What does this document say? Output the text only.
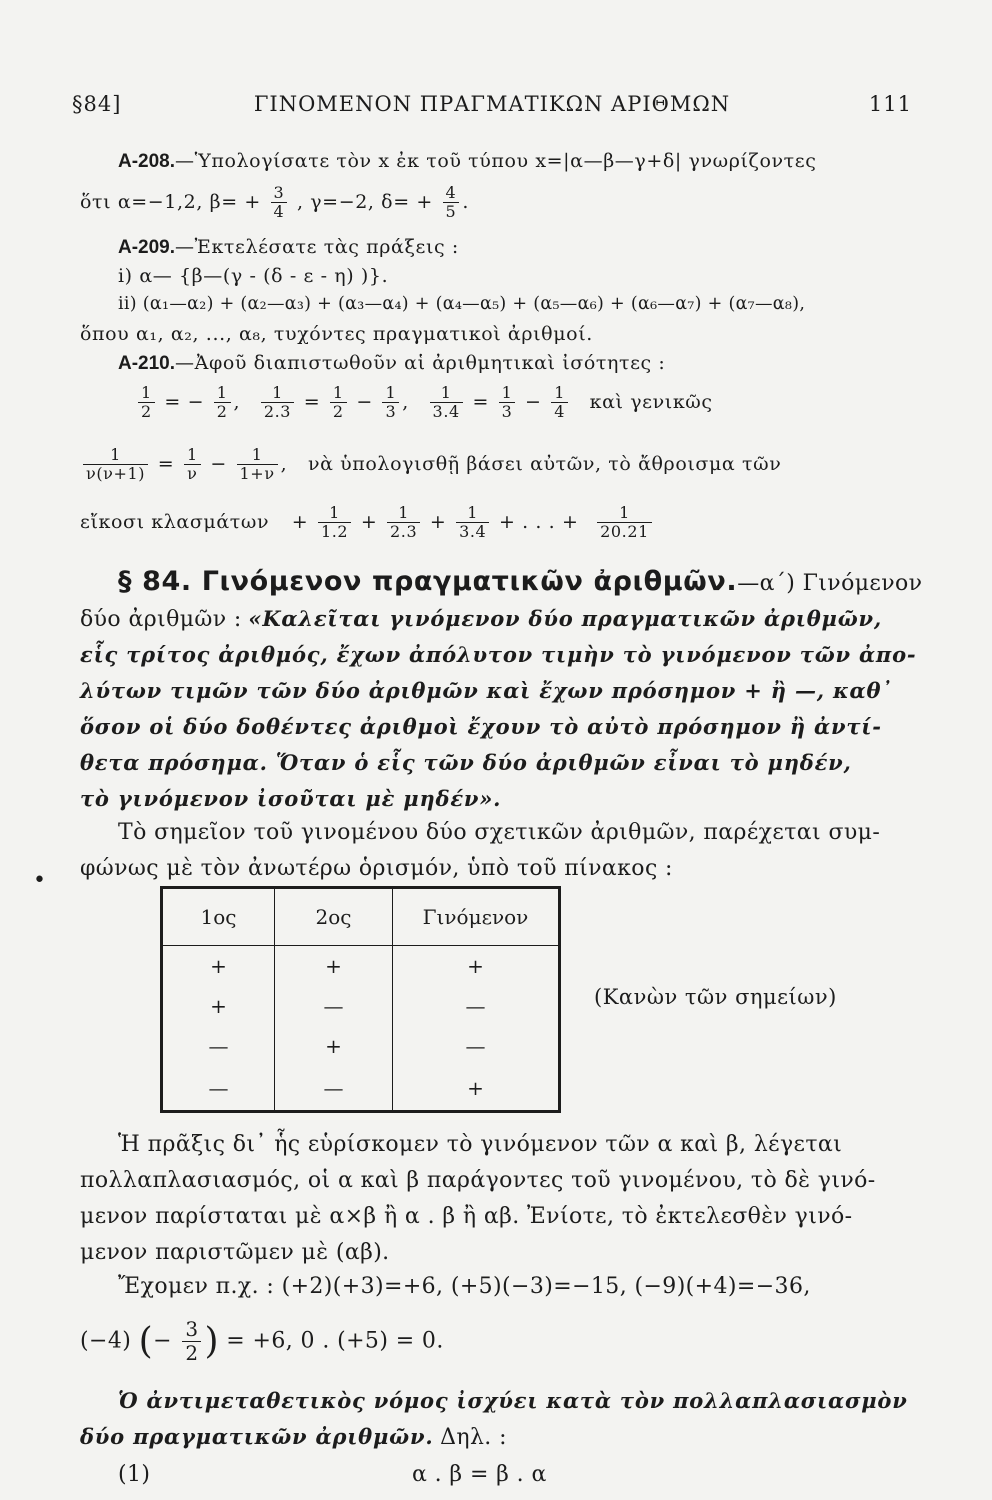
§84]	ΓΙΝΟΜΕΝΟΝ ΠΡΑΓΜΑΤΙΚΩΝ ΑΡΙΘΜΩΝ	111
A-208.—Ὑπολογίσατε τὸν x ἐκ τοῦ τύπου x=|α—β—γ+δ| γνωρίζοντες
ὅτι α=−1,2, $\beta= + \frac{3}{4}$ , γ=−2, $\delta= + \frac{4}{5}$ .
A-209.—Ἐκτελέσατε τὰς πράξεις :
i) α— {β—(γ - (δ - ε - η) )}.
ii) (α₁—α₂) + (α₂—α₃) + (α₃—α₄) + (α₄—α₅) + (α₅—α₆) + (α₆—α₇) + (α₇—α₈),
ὅπου α₁, α₂, ..., α₈, τυχόντες πραγματικοὶ ἀριθμοί.
A-210.—Ἀφοῦ διαπιστωθοῦν αἱ ἀριθμητικαὶ ἰσότητες :
$\frac{1}{2}$ = − $\frac{1}{2}$ , $\frac{1}{2.3} = \frac{1}{2} - \frac{1}{3}$ , $\frac{1}{3.4} = \frac{1}{3} - \frac{1}{4}$ καὶ γενικῶς
$\frac{1}{\nu(\nu+1)} = \frac{1}{\nu} - \frac{1}{1+\nu}$ , νὰ ὑπολογισθῇ βάσει αὐτῶν, τὸ ἄθροισμα τῶν
εἴκοσι $\kappa\lambda\alpha\sigma\mu ά\tau\omega\nu + \frac{1}{1.2} + \frac{1}{2.3} + \frac{1}{3.4}$ + . . . + $\frac{1}{20.21}$
§ 84. Γινόμενον πραγματικῶν ἀριθμῶν.—α΄) Γινόμενον
δύο ἀριθμῶν : «Καλεῖται γινόμενον δύο πραγματικῶν ἀριθμῶν,
εἷς τρίτος ἀριθμός, ἔχων ἀπόλυτον τιμὴν τὸ γινόμενον τῶν ἀπο-
λύτων τιμῶν τῶν δύο ἀριθμῶν καὶ ἔχων πρόσημον + ἢ —, καθ᾽
ὅσον οἱ δύο δοθέντες ἀριθμοὶ ἔχουν τὸ αὐτὸ πρόσημον ἢ ἀντί-
θετα πρόσημα. Ὅταν ὁ εἷς τῶν δύο ἀριθμῶν εἶναι τὸ μηδέν,
τὸ γινόμενον ἰσοῦται μὲ μηδέν».
Τὸ σημεῖον τοῦ γινομένου δύο σχετικῶν ἀριθμῶν, παρέχεται συμ-
φώνως μὲ τὸν ἀνωτέρω ὁρισμόν, ὑπὸ τοῦ πίνακος :
•
1ος	2ος	Γινόμενον
+	+	+
+	—	—
—	+	—
—	—	+
(Κανὼν τῶν σημείων)
Ἡ πρᾶξις δι᾽ ἧς εὑρίσκομεν τὸ γινόμενον τῶν α καὶ β, λέγεται
πολλαπλασιασμός, οἱ α καὶ β παράγοντες τοῦ γινομένου, τὸ δὲ γινό-
μενον παρίσταται μὲ α×β ἢ α . β ἢ αβ. Ἐνίοτε, τὸ ἐκτελεσθὲν γινό-
μενον παριστῶμεν μὲ (αβ).
Ἔχομεν π.χ. : (+2)(+3)=+6, (+5)(−3)=−15, (−9)(+4)=−36,
(−4) (− $\frac{3}{2}$ ) = +6, 0 . (+5) = 0.
Ὁ ἀντιμεταθετικὸς νόμος ἰσχύει κατὰ τὸν πολλαπλασιασμὸν
δύο πραγματικῶν ἀριθμῶν. Δηλ. :
(1)	α . β = β . α
